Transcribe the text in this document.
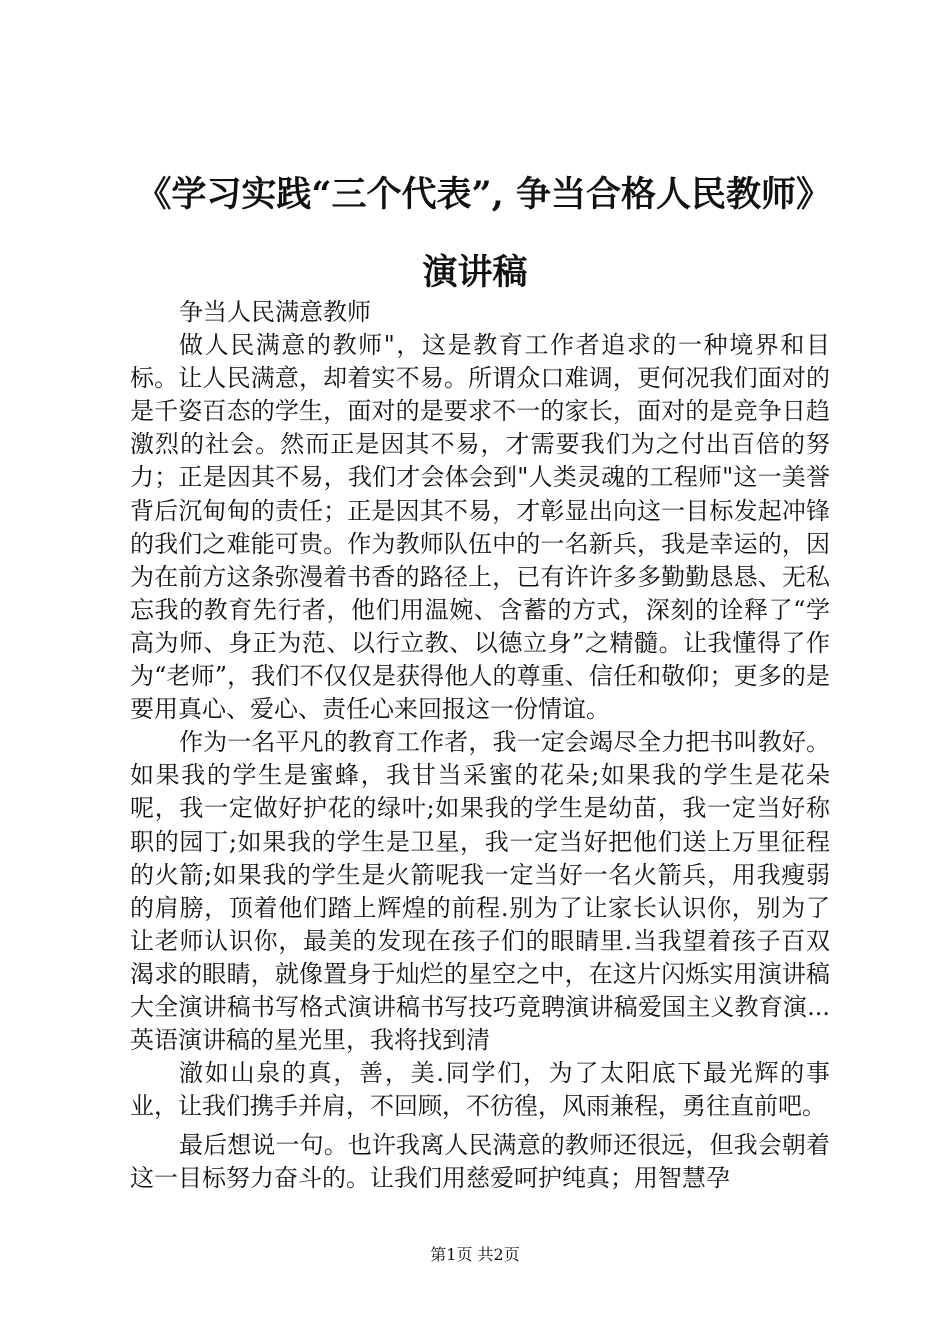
《学习实践“三个代表”, 争当合格人民教师》演讲稿

争当人民满意教师

做人民满意的教师"，这是教育工作者追求的一种境界和目标。让人民满意，却着实不易。所谓众口难调，更何况我们面对的是千姿百态的学生，面对的是要求不一的家长，面对的是竞争日趋激烈的社会。然而正是因其不易，才需要我们为之付出百倍的努力；正是因其不易，我们才会体会到"人类灵魂的工程师"这一美誉背后沉甸甸的责任；正是因其不易，才彰显出向这一目标发起冲锋的我们之难能可贵。作为教师队伍中的一名新兵，我是幸运的，因为在前方这条弥漫着书香的路径上，已有许许多多勤勤恳恳、无私忘我的教育先行者，他们用温婉、含蓄的方式，深刻的诠释了“学高为师、身正为范、以行立教、以德立身”之精髓。让我懂得了作为“老师”，我们不仅仅是获得他人的尊重、信任和敬仰；更多的是要用真心、爱心、责任心来回报这一份情谊。

作为一名平凡的教育工作者，我一定会竭尽全力把书叫教好。如果我的学生是蜜蜂，我甘当采蜜的花朵;如果我的学生是花朵呢，我一定做好护花的绿叶;如果我的学生是幼苗，我一定当好称职的园丁;如果我的学生是卫星，我一定当好把他们送上万里征程的火箭;如果我的学生是火箭呢我一定当好一名火箭兵，用我瘦弱的肩膀，顶着他们踏上辉煌的前程.别为了让家长认识你，别为了让老师认识你，最美的发现在孩子们的眼睛里.当我望着孩子百双渴求的眼睛，就像置身于灿烂的星空之中，在这片闪烁实用演讲稿大全演讲稿书写格式演讲稿书写技巧竟聘演讲稿爱国主义教育演...英语演讲稿的星光里，我将找到清

澈如山泉的真，善，美.同学们，为了太阳底下最光辉的事业，让我们携手并肩，不回顾，不彷徨，风雨兼程，勇往直前吧。

最后想说一句。也许我离人民满意的教师还很远，但我会朝着这一目标努力奋斗的。让我们用慈爱呵护纯真；用智慧孕

第1页 共2页
